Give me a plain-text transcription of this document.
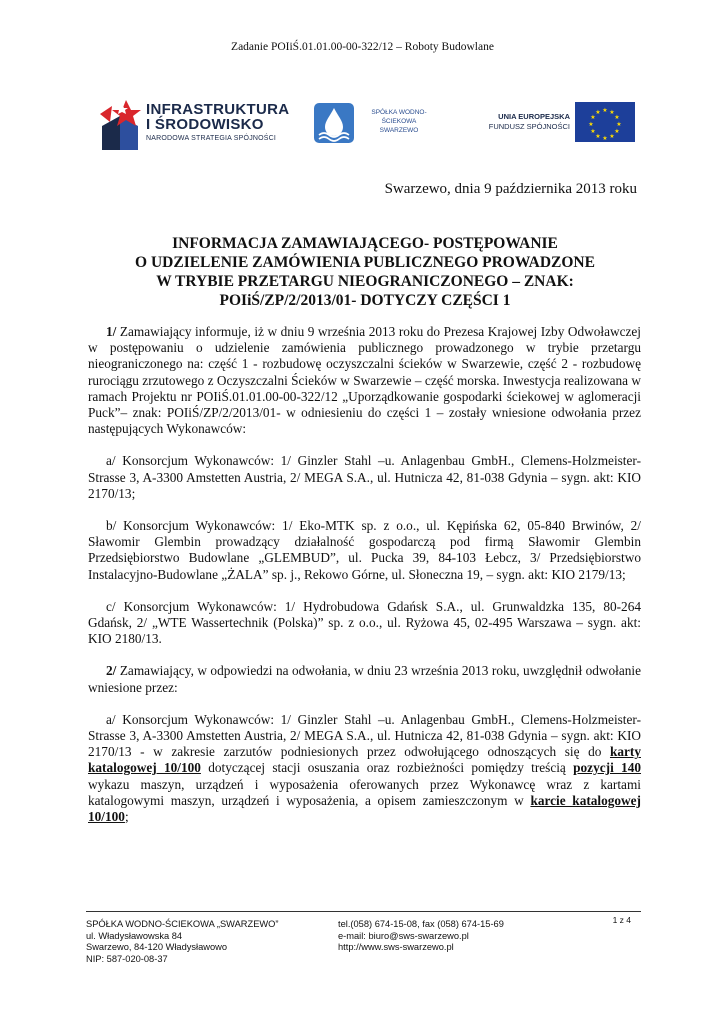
Zadanie POIiŚ.01.01.00-00-322/12 – Roboty Budowlane
INFRASTRUKTURA
I ŚRODOWISKO
NARODOWA STRATEGIA SPÓJNOŚCI
SPÓŁKA WODNO-ŚCIEKOWA
SWARZEWO
UNIA EUROPEJSKA
FUNDUSZ SPÓJNOŚCI
★ ★
★
★
★
★
★
★
★
★
★
★
Swarzewo, dnia 9 października 2013 roku
INFORMACJA ZAMAWIAJĄCEGO- POSTĘPOWANIE
O UDZIELENIE ZAMÓWIENIA PUBLICZNEGO PROWADZONE
W TRYBIE PRZETARGU NIEOGRANICZONEGO – ZNAK:
POIiŚ/ZP/2/2013/01- DOTYCZY CZĘŚCI 1

1/ Zamawiający informuje, iż w dniu 9 września 2013 roku do Prezesa Krajowej Izby Odwoławczej w postępowaniu o udzielenie zamówienia publicznego prowadzonego w trybie przetargu nieograniczonego na: część 1 - rozbudowę oczyszczalni ścieków w Swarzewie, część 2 - rozbudowę rurociągu zrzutowego z Oczyszczalni Ścieków w Swarzewie – część morska. Inwestycja realizowana w ramach Projektu nr POIiŚ.01.01.00-00-322/12 „Uporządkowanie gospodarki ściekowej w aglomeracji Puck”– znak: POIiŚ/ZP/2/2013/01- w odniesieniu do części 1 – zostały wniesione odwołania przez następujących Wykonawców:

a/ Konsorcjum Wykonawców: 1/ Ginzler Stahl –u. Anlagenbau GmbH., Clemens-Holzmeister- Strasse 3, A-3300 Amstetten Austria, 2/ MEGA S.A., ul. Hutnicza 42, 81-038 Gdynia – sygn. akt: KIO 2170/13;

b/ Konsorcjum Wykonawców: 1/ Eko-MTK sp. z o.o., ul. Kępińska 62, 05-840 Brwinów, 2/ Sławomir Glembin prowadzący działalność gospodarczą pod firmą Sławomir Glembin Przedsiębiorstwo Budowlane „GLEMBUD”, ul. Pucka 39, 84-103 Łebcz, 3/ Przedsiębiorstwo Instalacyjno-Budowlane „ŻALA” sp. j., Rekowo Górne, ul. Słoneczna 19, – sygn. akt: KIO 2179/13;

c/ Konsorcjum Wykonawców: 1/ Hydrobudowa Gdańsk S.A., ul. Grunwaldzka 135, 80-264 Gdańsk, 2/ „WTE Wassertechnik (Polska)” sp. z o.o., ul. Ryżowa 45, 02-495 Warszawa – sygn. akt: KIO 2180/13.

2/ Zamawiający, w odpowiedzi na odwołania, w dniu 23 września 2013 roku, uwzględnił odwołanie wniesione przez:

a/ Konsorcjum Wykonawców: 1/ Ginzler Stahl –u. Anlagenbau GmbH., Clemens-Holzmeister- Strasse 3, A-3300 Amstetten Austria, 2/ MEGA S.A., ul. Hutnicza 42, 81-038 Gdynia – sygn. akt: KIO 2170/13 - w zakresie zarzutów podniesionych przez odwołującego odnoszących się do karty katalogowej 10/100 dotyczącej stacji osuszania oraz rozbieżności pomiędzy treścią pozycji 140 wykazu maszyn, urządzeń i wyposażenia oferowanych przez Wykonawcę wraz z kartami katalogowymi maszyn, urządzeń i wyposażenia, a opisem zamieszczonym w karcie katalogowej 10/100;

SPÓŁKA WODNO-ŚCIEKOWA „SWARZEWO”
ul. Władysławowska 84
Swarzewo, 84-120 Władysławowo
NIP: 587-020-08-37
tel.(058) 674-15-08, fax (058) 674-15-69
e-mail: biuro@sws-swarzewo.pl
http://www.sws-swarzewo.pl
1 z 4
